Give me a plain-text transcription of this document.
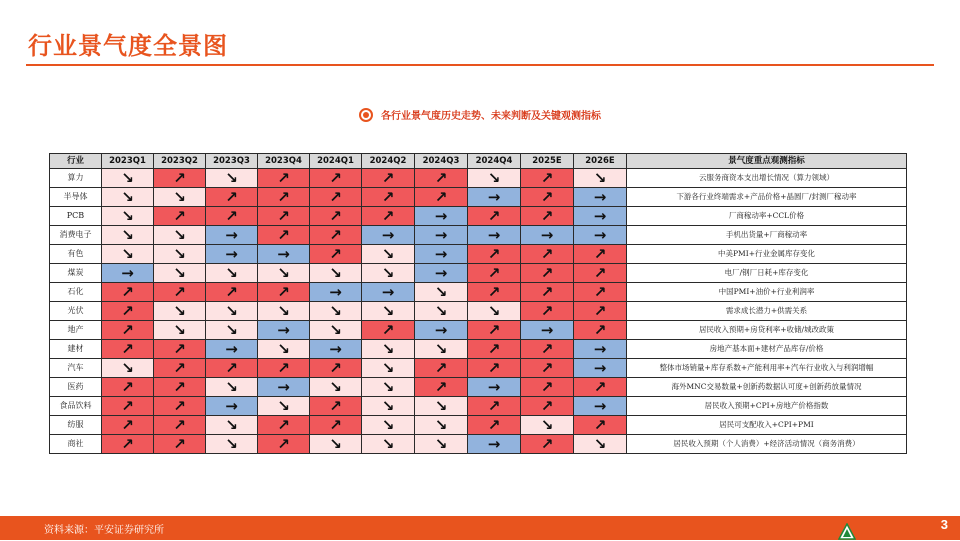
行业景气度全景图
各行业景气度历史走势、未来判断及关键观测指标
行业	2023Q1	2023Q2	2023Q3	2023Q4	2024Q1	2024Q2	2024Q3	2024Q4	2025E	2026E	景气度重点观测指标
算力	↘	↗	↘	↗	↗	↗	↗	↘	↗	↘	云服务商资本支出增长情况（算力领域）
半导体	↘	↘	↗	↗	↗	↗	↗	→	↗	→	下游各行业终端需求+产品价格+晶圆厂/封测厂稼动率
PCB	↘	↗	↗	↗	↗	↗	→	↗	↗	→	厂商稼动率+CCL价格
消费电子	↘	↘	→	↗	↗	→	→	→	→	→	手机出货量+厂商稼动率
有色	↘	↘	→	→	↗	↘	→	↗	↗	↗	中美PMI+行业金属库存变化
煤炭	→	↘	↘	↘	↘	↘	→	↗	↗	↗	电厂/钢厂日耗+库存变化
石化	↗	↗	↗	↗	→	→	↘	↗	↗	↗	中国PMI+油价+行业利润率
光伏	↗	↘	↘	↘	↘	↘	↘	↘	↗	↗	需求成长潜力+供需关系
地产	↗	↘	↘	→	↘	↗	→	↗	→	↗	居民收入预期+房贷利率+收储/城改政策
建材	↗	↗	→	↘	→	↘	↘	↗	↗	→	房地产基本面+建材产品库存/价格
汽车	↘	↗	↗	↗	↗	↘	↗	↗	↗	→	整体市场销量+库存系数+产能利用率+汽车行业收入与利润增幅
医药	↗	↗	↘	→	↘	↘	↗	→	↗	↗	海外MNC交易数量+创新药数据认可度+创新药放量情况
食品饮料	↗	↗	→	↘	↗	↘	↘	↗	↗	→	居民收入预期+CPI+房地产价格指数
纺服	↗	↗	↘	↗	↗	↘	↘	↗	↘	↗	居民可支配收入+CPI+PMI
商社	↗	↗	↘	↗	↘	↘	↘	→	↗	↘	居民收入预期（个人消费）+经济活动情况（商务消费）
资料来源：平安证券研究所	3
